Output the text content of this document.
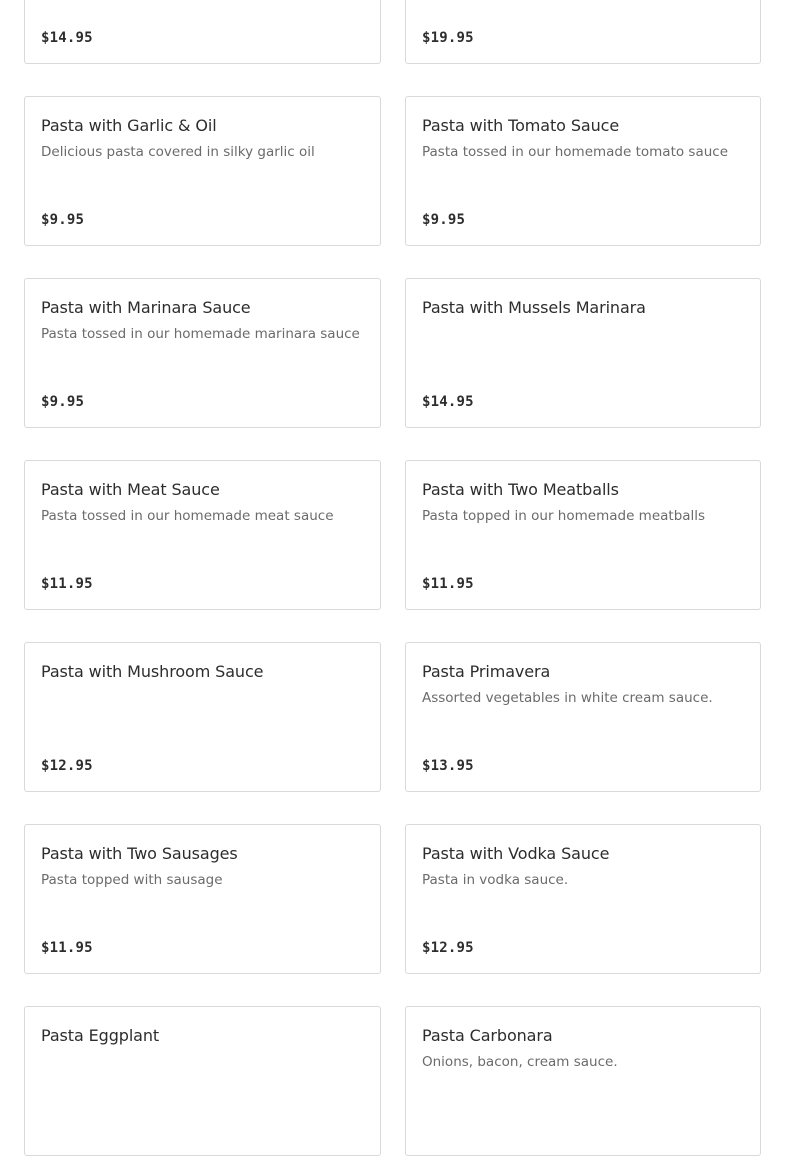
$14.95	$19.95
Pasta with Garlic & Oil
Delicious pasta covered in silky garlic oil
$9.95
Pasta with Tomato Sauce
Pasta tossed in our homemade tomato sauce
$9.95
Pasta with Marinara Sauce
Pasta tossed in our homemade marinara sauce
$9.95
Pasta with Mussels Marinara
$14.95
Pasta with Meat Sauce
Pasta tossed in our homemade meat sauce
$11.95
Pasta with Two Meatballs
Pasta topped in our homemade meatballs
$11.95
Pasta with Mushroom Sauce
$12.95
Pasta Primavera
Assorted vegetables in white cream sauce.
$13.95
Pasta with Two Sausages
Pasta topped with sausage
$11.95
Pasta with Vodka Sauce
Pasta in vodka sauce.
$12.95
Pasta Eggplant	Pasta Carbonara
Onions, bacon, cream sauce.
